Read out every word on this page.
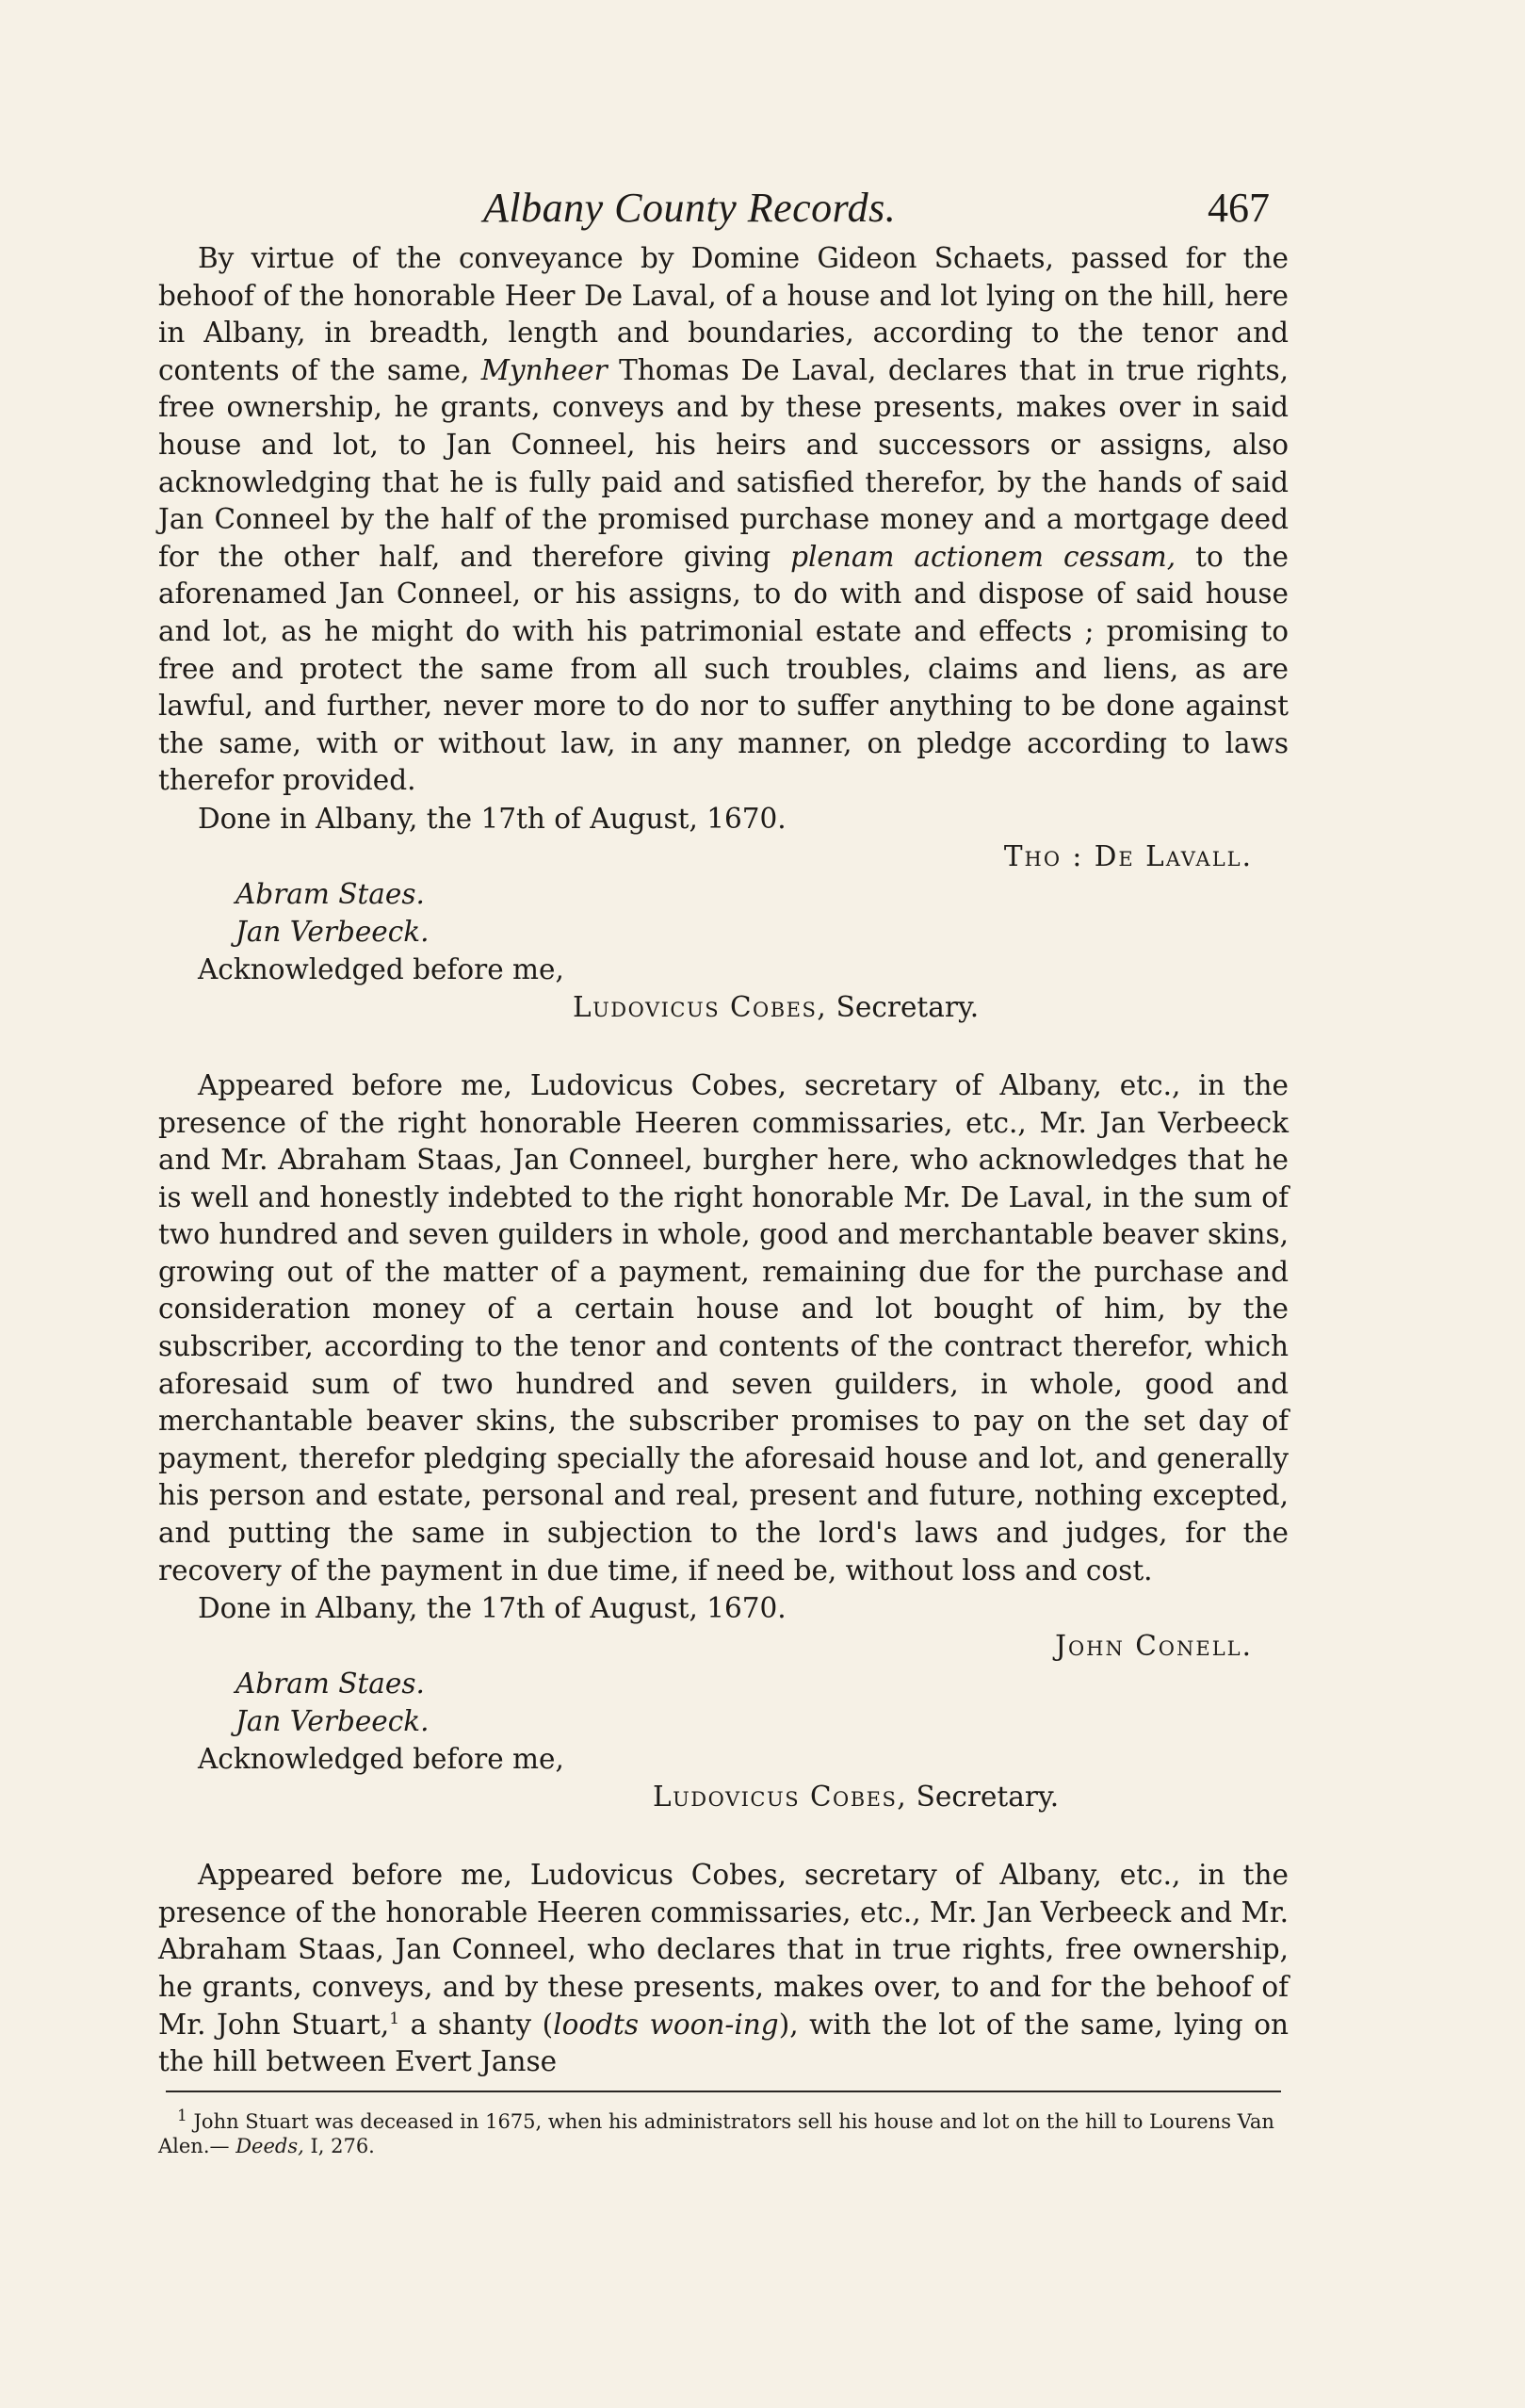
Albany County Records.	467

By virtue of the conveyance by Domine Gideon Schaets, passed for the behoof of the honorable Heer De Laval, of a house and lot lying on the hill, here in Albany, in breadth, length and boundaries, according to the tenor and contents of the same, Mynheer Thomas De Laval, declares that in true rights, free ownership, he grants, conveys and by these presents, makes over in said house and lot, to Jan Conneel, his heirs and successors or assigns, also acknowledging that he is fully paid and satisfied therefor, by the hands of said Jan Conneel by the half of the promised purchase money and a mortgage deed for the other half, and therefore giving plenam actionem cessam, to the aforenamed Jan Conneel, or his assigns, to do with and dispose of said house and lot, as he might do with his patrimonial estate and effects ; promising to free and protect the same from all such troubles, claims and liens, as are lawful, and further, never more to do nor to suffer anything to be done against the same, with or without law, in any manner, on pledge according to laws therefor provided.

Done in Albany, the 17th of August, 1670.

Tho : De Lavall.

Abram Staes.

Jan Verbeeck.

Acknowledged before me,

Ludovicus Cobes, Secretary.

Appeared before me, Ludovicus Cobes, secretary of Albany, etc., in the presence of the right honorable Heeren commissaries, etc., Mr. Jan Verbeeck and Mr. Abraham Staas, Jan Conneel, burgher here, who acknowledges that he is well and honestly indebted to the right honorable Mr. De Laval, in the sum of two hundred and seven guilders in whole, good and merchantable beaver skins, growing out of the matter of a payment, remaining due for the purchase and consideration money of a certain house and lot bought of him, by the subscriber, according to the tenor and contents of the contract therefor, which aforesaid sum of two hundred and seven guilders, in whole, good and merchantable beaver skins, the subscriber promises to pay on the set day of payment, therefor pledging specially the aforesaid house and lot, and generally his person and estate, personal and real, present and future, nothing excepted, and putting the same in subjection to the lord's laws and judges, for the recovery of the payment in due time, if need be, without loss and cost.

Done in Albany, the 17th of August, 1670.

John Conell.

Abram Staes.

Jan Verbeeck.

Acknowledged before me,

Ludovicus Cobes, Secretary.

Appeared before me, Ludovicus Cobes, secretary of Albany, etc., in the presence of the honorable Heeren commissaries, etc., Mr. Jan Verbeeck and Mr. Abraham Staas, Jan Conneel, who declares that in true rights, free ownership, he grants, conveys, and by these presents, makes over, to and for the behoof of Mr. John Stuart,$^1$ a shanty (loodts woon-ing), with the lot of the same, lying on the hill between Evert Janse

$^1$ John Stuart was deceased in 1675, when his administrators sell his house and lot on the hill to Lourens Van Alen.— Deeds, I, 276.
